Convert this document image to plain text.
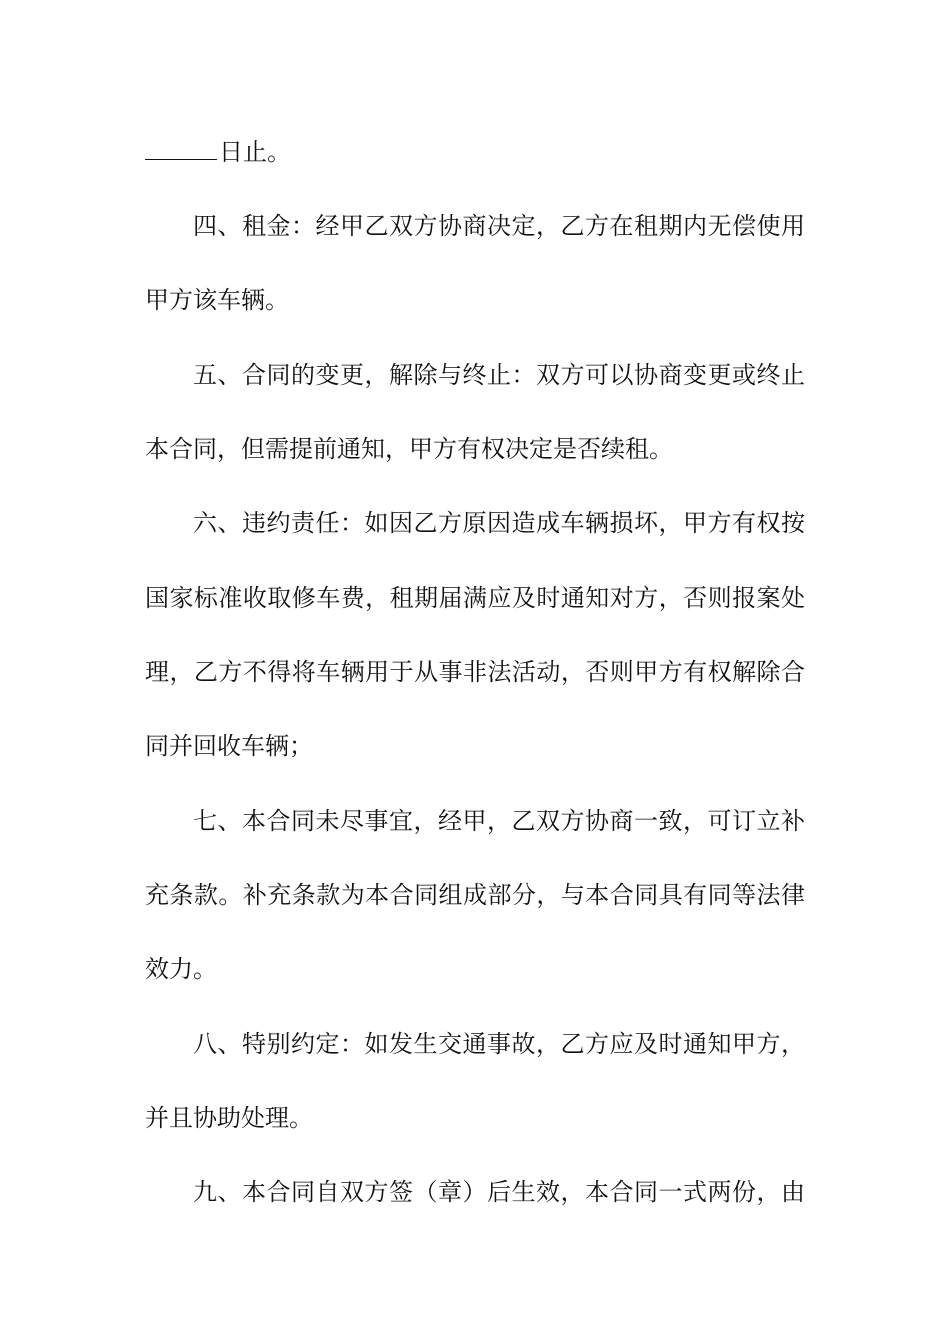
日止。
四、租金：经甲乙双方协商决定，乙方在租期内无偿使用
甲方该车辆。
五、合同的变更，解除与终止：双方可以协商变更或终止
本合同，但需提前通知，甲方有权决定是否续租。
六、违约责任：如因乙方原因造成车辆损坏，甲方有权按
国家标准收取修车费，租期届满应及时通知对方，否则报案处
理，乙方不得将车辆用于从事非法活动，否则甲方有权解除合
同并回收车辆；
七、本合同未尽事宜，经甲，乙双方协商一致，可订立补
充条款。补充条款为本合同组成部分，与本合同具有同等法律
效力。
八、特别约定：如发生交通事故，乙方应及时通知甲方，
并且协助处理。
九、本合同自双方签（章）后生效，本合同一式两份，由
